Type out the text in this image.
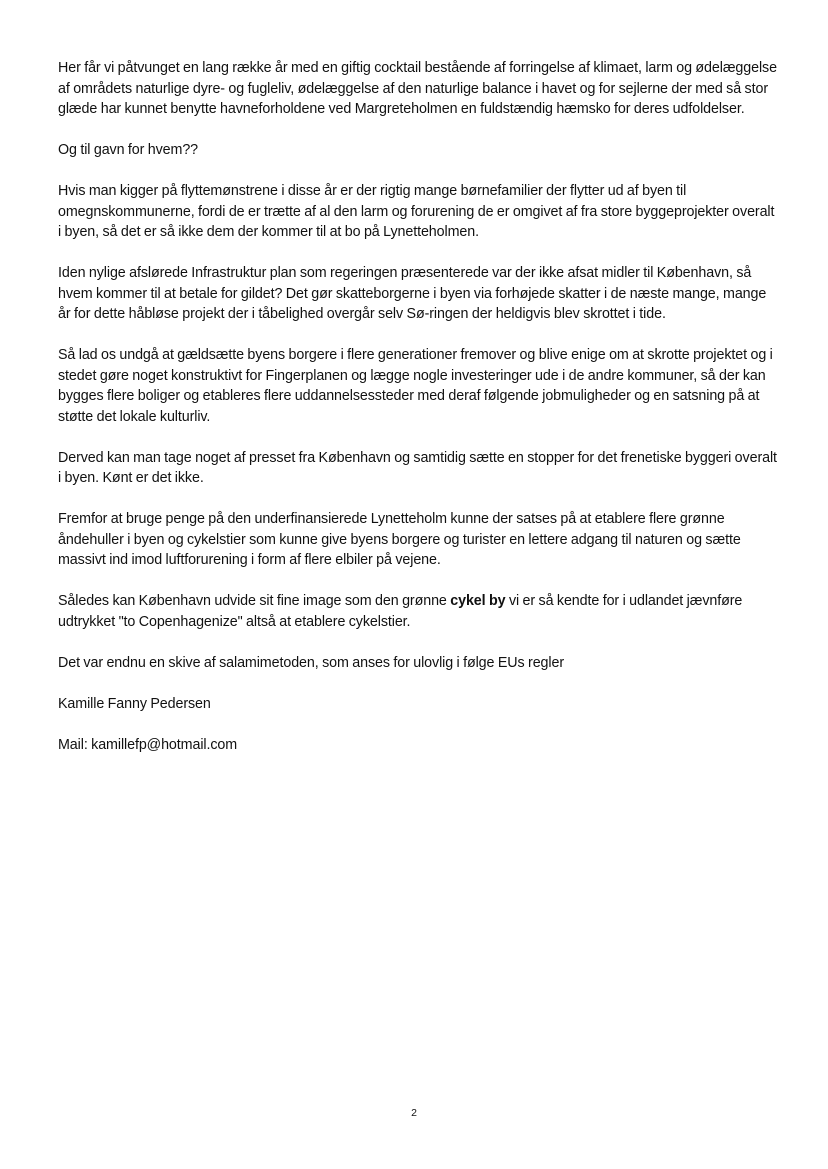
Her får vi påtvunget en lang række år med en giftig cocktail bestående af forringelse af klimaet, larm og ødelæggelse af områdets naturlige dyre- og fugleliv, ødelæggelse af den naturlige balance i havet og for sejlerne der med så stor glæde har kunnet benytte havneforholdene ved Margreteholmen en fuldstændig hæmsko for deres udfoldelser.

Og til gavn for hvem??

Hvis man kigger på flyttemønstrene i disse år er der rigtig mange børnefamilier der flytter ud af byen til omegnskommunerne, fordi de er trætte af al den larm og forurening de er omgivet af fra store byggeprojekter overalt i byen, så det er så ikke dem der kommer til at bo på Lynetteholmen.

Iden nylige afslørede Infrastruktur plan som regeringen præsenterede var der ikke afsat midler til København, så hvem kommer til at betale for gildet? Det gør skatteborgerne i byen via forhøjede skatter i de næste mange, mange år for dette håbløse projekt der i tåbelighed overgår selv Sø-ringen der heldigvis blev skrottet i tide.

Så lad os undgå at gældsætte byens borgere i flere generationer fremover og blive enige om at skrotte projektet og i stedet gøre noget konstruktivt for Fingerplanen og lægge nogle investeringer ude i de andre kommuner, så der kan bygges flere boliger og etableres flere uddannelsessteder med deraf følgende jobmuligheder og en satsning på at støtte det lokale kulturliv.

Derved kan man tage noget af presset fra København og samtidig sætte en stopper for det frenetiske byggeri overalt i byen. Kønt er det ikke.

Fremfor at bruge penge på den underfinansierede Lynetteholm kunne der satses på at etablere flere grønne åndehuller i byen og cykelstier som kunne give byens borgere og turister en lettere adgang til naturen og sætte massivt ind imod luftforurening i form af flere elbiler på vejene.

Således kan København udvide sit fine image som den grønne cykel by vi er så kendte for i udlandet jævnføre udtrykket "to Copenhagenize" altså at etablere cykelstier.

Det var endnu en skive af salamimetoden, som anses for ulovlig i følge EUs regler

Kamille Fanny Pedersen

Mail: kamillefp@hotmail.com

2
